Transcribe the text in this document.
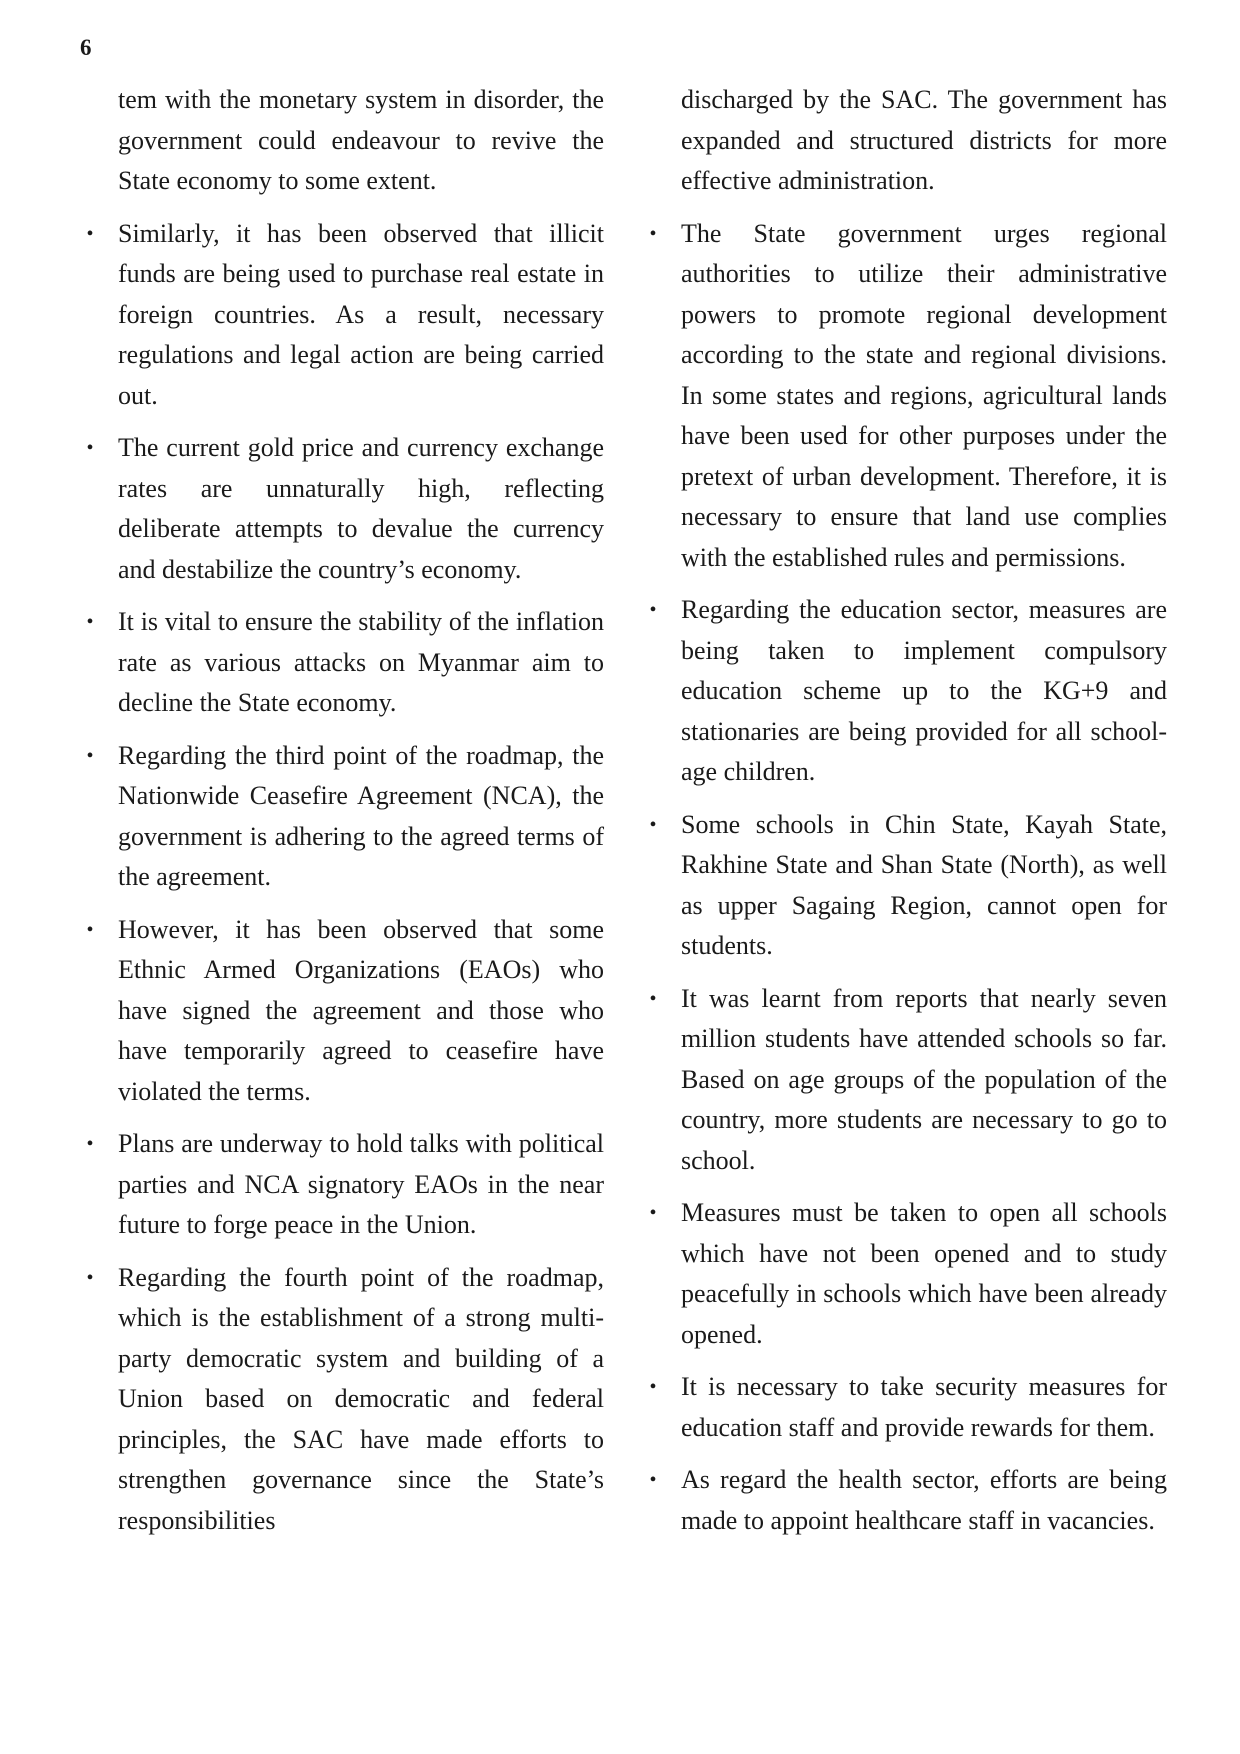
6

tem with the monetary system in disorder, the government could endeavour to revive the State economy to some extent.

• Similarly, it has been observed that illicit funds are being used to purchase real estate in foreign countries. As a result, necessary regulations and legal action are being carried out.
• The current gold price and currency exchange rates are unnaturally high, reflecting deliberate attempts to devalue the currency and destabilize the country’s economy.
• It is vital to ensure the stability of the inflation rate as various attacks on Myanmar aim to decline the State economy.
• Regarding the third point of the roadmap, the Nationwide Ceasefire Agreement (NCA), the government is adhering to the agreed terms of the agreement.
• However, it has been observed that some Ethnic Armed Organizations (EAOs) who have signed the agreement and those who have temporarily agreed to ceasefire have violated the terms.
• Plans are underway to hold talks with political parties and NCA signatory EAOs in the near future to forge peace in the Union.
• Regarding the fourth point of the roadmap, which is the establishment of a strong multi-party democratic system and building of a Union based on democratic and federal principles, the SAC have made efforts to strengthen governance since the State’s responsibilities

discharged by the SAC. The government has expanded and structured districts for more effective administration.

• The State government urges regional authorities to utilize their administrative powers to promote regional development according to the state and regional divisions. In some states and regions, agricultural lands have been used for other purposes under the pretext of urban development. Therefore, it is necessary to ensure that land use complies with the established rules and permissions.
• Regarding the education sector, measures are being taken to implement compulsory education scheme up to the KG+9 and stationaries are being provided for all school-age children.
• Some schools in Chin State, Kayah State, Rakhine State and Shan State (North), as well as upper Sagaing Region, cannot open for students.
• It was learnt from reports that nearly seven million students have attended schools so far. Based on age groups of the population of the country, more students are necessary to go to school.
• Measures must be taken to open all schools which have not been opened and to study peacefully in schools which have been already opened.
• It is necessary to take security measures for education staff and provide rewards for them.
• As regard the health sector, efforts are being made to appoint healthcare staff in vacancies.
